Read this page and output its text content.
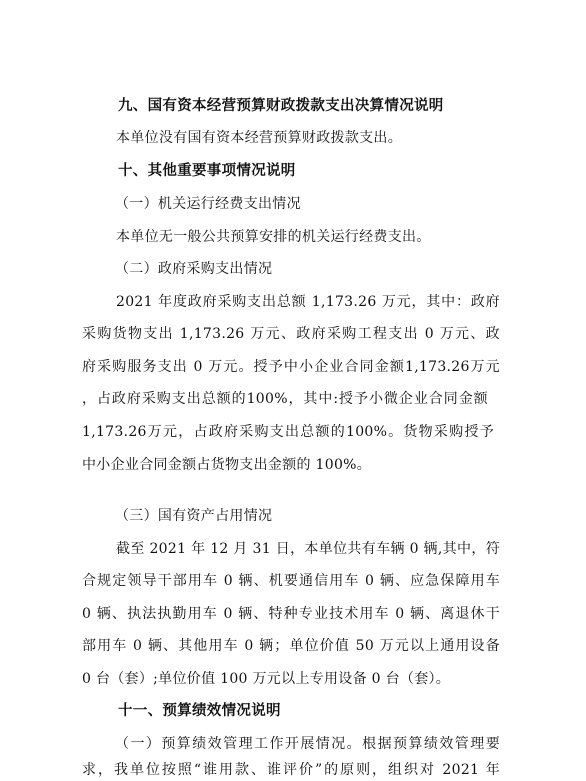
九、国有资本经营预算财政拨款支出决算情况说明
本单位没有国有资本经营预算财政拨款支出。
十、其他重要事项情况说明
（一）机关运行经费支出情况
本单位无一般公共预算安排的机关运行经费支出。
（二）政府采购支出情况
2021 年度政府采购支出总额 1,173.26 万元，其中：政府
采购货物支出 1,173.26 万元、政府采购工程支出 0 万元、政
府采购服务支出 0 万元。授予中小企业合同金额1,173.26万元
，占政府采购支出总额的100%，其中:授予小微企业合同金额
1,173.26万元，占政府采购支出总额的100%。货物采购授予
中小企业合同金额占货物支出金额的 100%。
（三）国有资产占用情况
截至 2021 年 12 月 31 日，本单位共有车辆 0 辆,其中，符
合规定领导干部用车 0 辆、机要通信用车 0 辆、应急保障用车
0 辆、执法执勤用车 0 辆、特种专业技术用车 0 辆、离退休干
部用车 0 辆、其他用车 0 辆；单位价值 50 万元以上通用设备
0 台（套）;单位价值 100 万元以上专用设备 0 台（套）。
十一、预算绩效情况说明
（一）预算绩效管理工作开展情况。根据预算绩效管理要
求，我单位按照“谁用款、谁评价”的原则，组织对 2021 年
